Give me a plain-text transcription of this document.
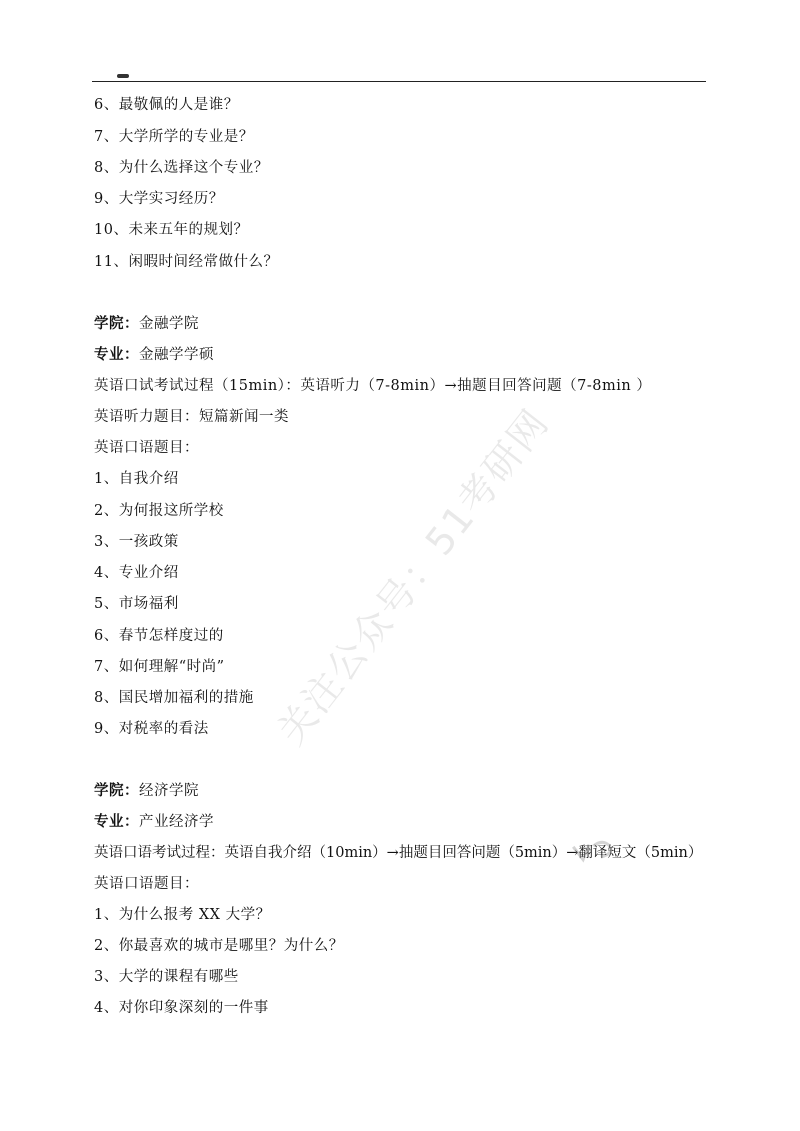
6、最敬佩的人是谁？
7、大学所学的专业是？
8、为什么选择这个专业？
9、大学实习经历？
10、未来五年的规划？
11、闲暇时间经常做什么？
学院：金融学院
专业：金融学学硕
英语口试考试过程（15min）：英语听力（7-8min）→抽题目回答问题（7-8min ）
英语听力题目：短篇新闻一类
英语口语题目：
1、自我介绍
2、为何报这所学校
3、一孩政策
4、专业介绍
5、市场福利
6、春节怎样度过的
7、如何理解“时尚”
8、国民增加福利的措施
9、对税率的看法
学院：经济学院
专业：产业经济学
英语口语考试过程：英语自我介绍（10min）→抽题目回答问题（5min）→翻译短文（5min）
英语口语题目：
1、为什么报考 XX 大学？
2、你最喜欢的城市是哪里？为什么？
3、大学的课程有哪些
4、对你印象深刻的一件事
关注公众号：51考研网
